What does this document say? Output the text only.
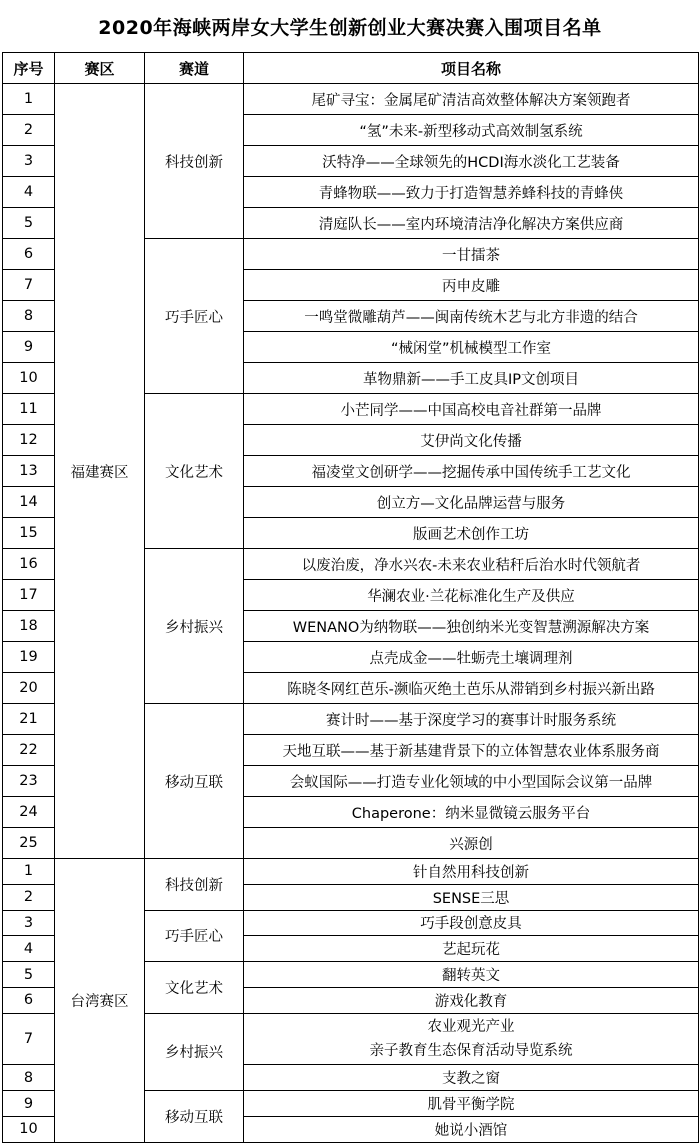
2020年海峡两岸女大学生创新创业大赛决赛入围项目名单
序号	赛区	赛道	项目名称
1	福建赛区	科技创新	尾矿寻宝：金属尾矿清洁高效整体解决方案领跑者
2			“氢”未来-新型移动式高效制氢系统
3			沃特净——全球领先的HCDI海水淡化工艺装备
4			青蜂物联——致力于打造智慧养蜂科技的青蜂侠
5			清庭队长——室内环境清洁净化解决方案供应商
6		巧手匠心	一甘擂茶
7			丙申皮雕
8			一鸣堂微雕葫芦——闽南传统木艺与北方非遗的结合
9			“械闲堂”机械模型工作室
10			革物鼎新——手工皮具IP文创项目
11		文化艺术	小芒同学——中国高校电音社群第一品牌
12			艾伊尚文化传播
13			福凌堂文创研学——挖掘传承中国传统手工艺文化
14			创立方—文化品牌运营与服务
15			版画艺术创作工坊
16		乡村振兴	以废治废，净水兴农-未来农业秸秆后治水时代领航者
17			华澜农业·兰花标准化生产及供应
18			WENANO为纳物联——独创纳米光变智慧溯源解决方案
19			点壳成金——牡蛎壳土壤调理剂
20			陈晓冬网红芭乐-濒临灭绝土芭乐从滞销到乡村振兴新出路
21		移动互联	赛计时——基于深度学习的赛事计时服务系统
22			天地互联——基于新基建背景下的立体智慧农业体系服务商
23			会蚁国际——打造专业化领域的中小型国际会议第一品牌
24			Chaperone：纳米显微镜云服务平台
25			兴源创
1	台湾赛区	科技创新	针自然用科技创新
2			SENSE三思
3		巧手匠心	巧手段创意皮具
4			艺起玩花
5		文化艺术	翻转英文
6			游戏化教育
7		乡村振兴	农业观光产业
亲子教育生态保育活动导览系统

8			支教之窗
9		移动互联	肌骨平衡学院
10			她说小酒馆
